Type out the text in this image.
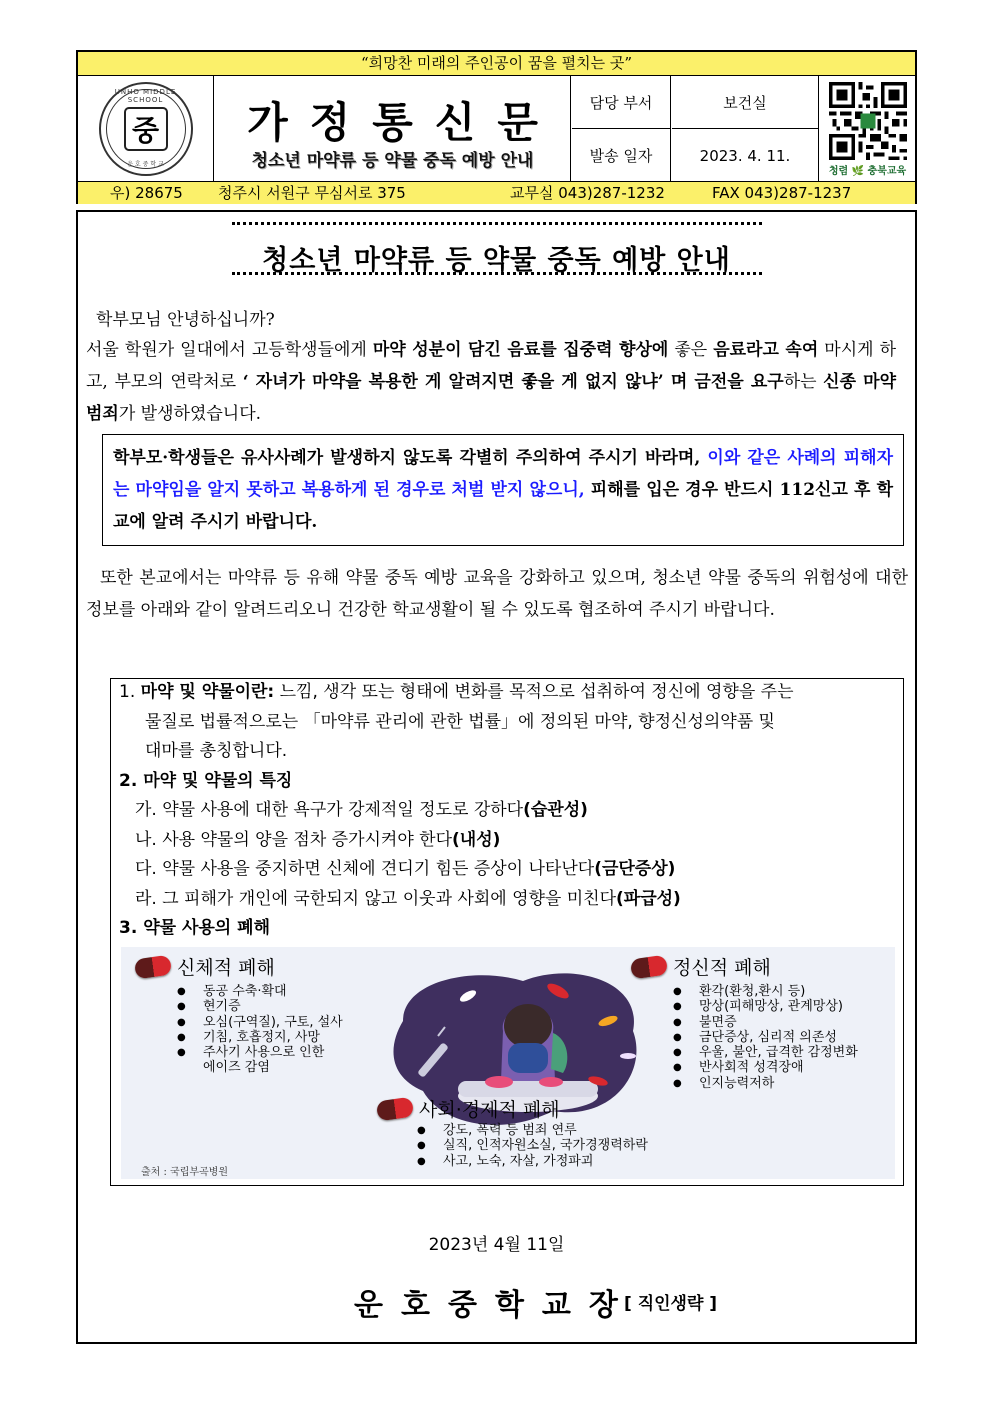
“희망찬 미래의 주인공이 꿈을 펼치는 곳”
UNHO MIDDLE SCHOOL
중
운 호 중 학 교
가정통신문
청소년 마약류 등 약물 중독 예방 안내
담당 부서	보건실
발송 일자	2023. 4. 11.
청렴 🌿 충북교육
우) 28675 청주시 서원구 무심서로 375	교무실 043)287-1232	FAX 043)287-1237
청소년 마약류 등 약물 중독 예방 안내
학부모님 안녕하십니까?
서울 학원가 일대에서 고등학생들에게 마약 성분이 담긴 음료를 집중력 향상에 좋은 음료라고 속여 마시게 하고, 부모의 연락처로 ‘ 자녀가 마약을 복용한 게 알려지면 좋을 게 없지 않냐’ 며 금전을 요구하는 신종 마약 범죄가 발생하였습니다.
학부모·학생들은 유사사례가 발생하지 않도록 각별히 주의하여 주시기 바라며, 이와 같은 사례의 피해자는 마약임을 알지 못하고 복용하게 된 경우로 처벌 받지 않으니, 피해를 입은 경우 반드시 112신고 후 학교에 알려 주시기 바랍니다.
또한 본교에서는 마약류 등 유해 약물 중독 예방 교육을 강화하고 있으며, 청소년 약물 중독의 위험성에 대한 정보를 아래와 같이 알려드리오니 건강한 학교생활이 될 수 있도록 협조하여 주시기 바랍니다.
1. 마약 및 약물이란: 느낌, 생각 또는 형태에 변화를 목적으로 섭취하여 정신에 영향을 주는
물질로 법률적으로는 「마약류 관리에 관한 법률」에 정의된 마약, 향정신성의약품 및
대마를 총칭합니다.
2. 마약 및 약물의 특징
가. 약물 사용에 대한 욕구가 강제적일 정도로 강하다(습관성)
나. 사용 약물의 양을 점차 증가시켜야 한다(내성)
다. 약물 사용을 중지하면 신체에 견디기 힘든 증상이 나타난다(금단증상)
라. 그 피해가 개인에 국한되지 않고 이웃과 사회에 영향을 미친다(파급성)
3. 약물 사용의 폐해
신체적 폐해
● 동공 수축·확대
● 현기증
● 오심(구역질), 구토, 설사
● 기침, 호흡정지, 사망
● 주사기 사용으로 인한
에이즈 감염
정신적 폐해
● 환각(환청,환시 등)
● 망상(피해망상, 관계망상)
● 불면증
● 금단증상, 심리적 의존성
● 우울, 불안, 급격한 감정변화
● 반사회적 성격장애
● 인지능력저하
사회·경제적 폐해
● 강도, 폭력 등 범죄 연루
● 실직, 인적자원소실, 국가경쟁력하락
● 사고, 노숙, 자살, 가정파괴
출처 : 국립부곡병원
2023년 4월 11일
운호중학교장
[ 직인생략 ]
